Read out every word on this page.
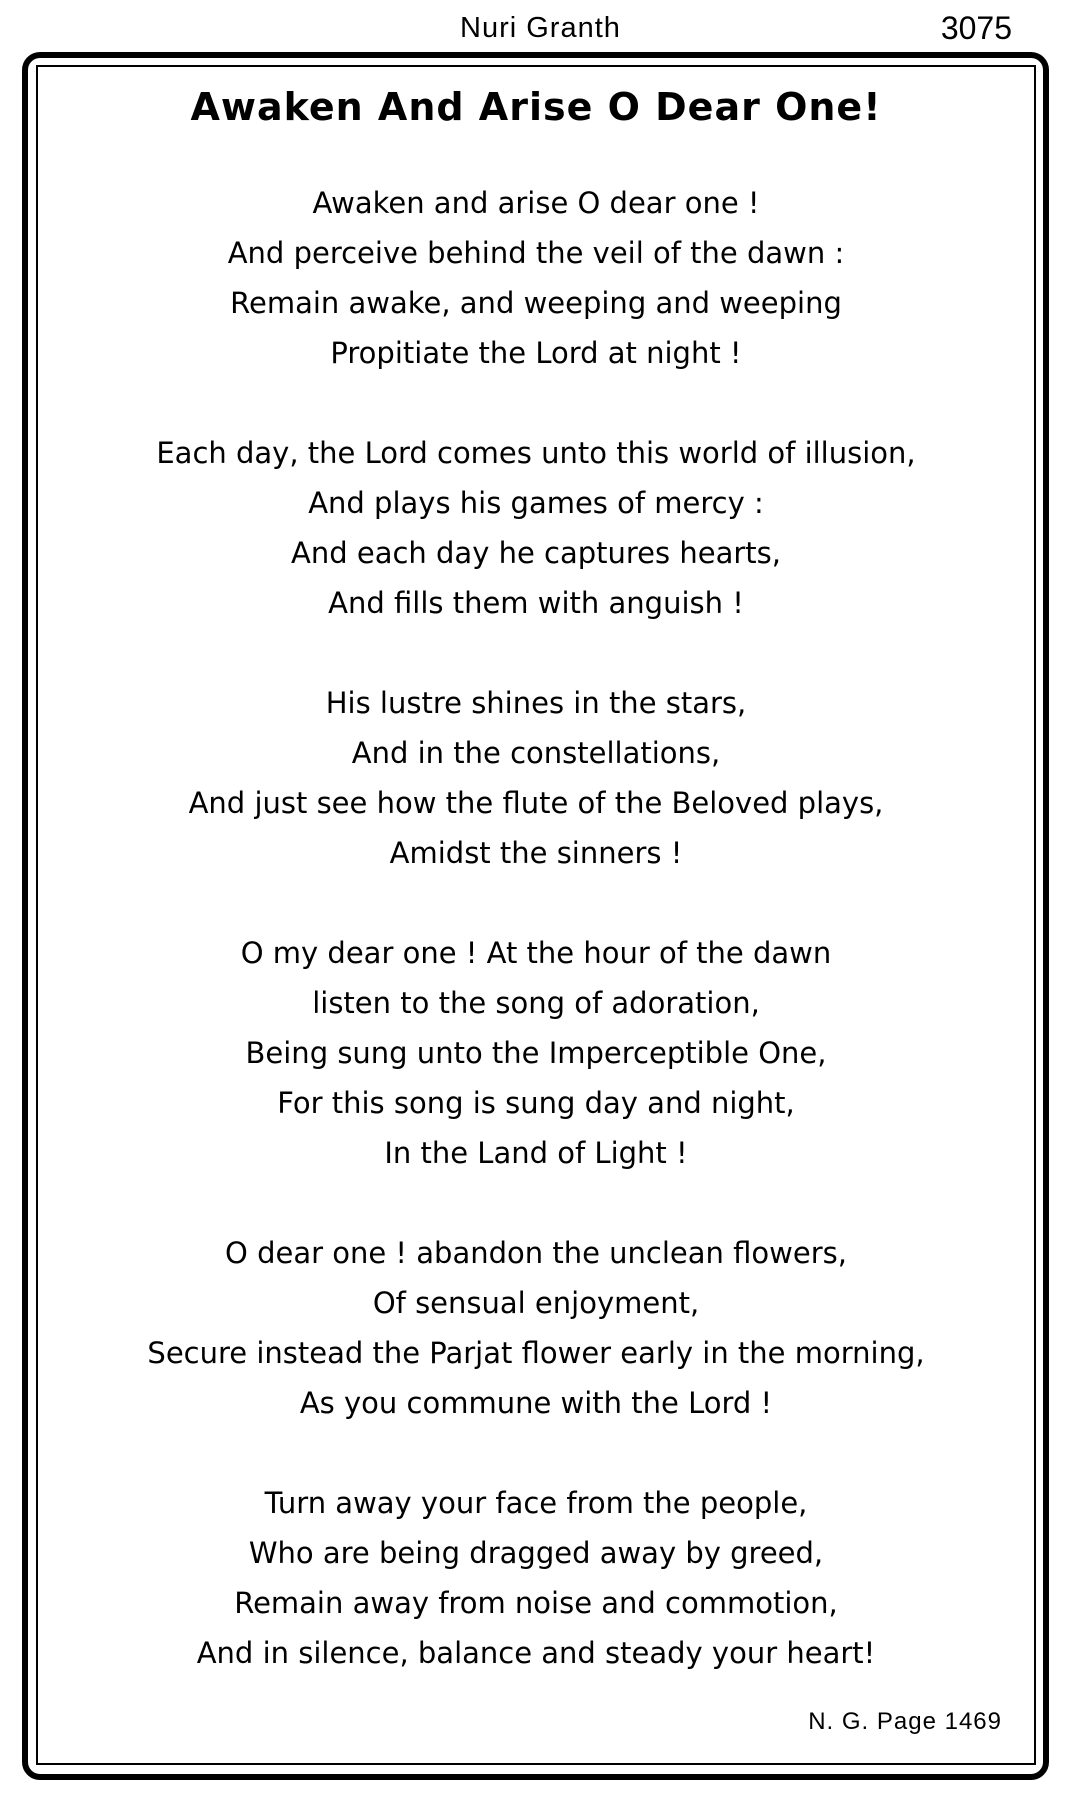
Nuri Granth	3075
Awaken And Arise O Dear One!
Awaken and arise O dear one !
And perceive behind the veil of the dawn :
Remain awake, and weeping and weeping
Propitiate the Lord at night !
Each day, the Lord comes unto this world of illusion,
And plays his games of mercy :
And each day he captures hearts,
And fills them with anguish !
His lustre shines in the stars,
And in the constellations,
And just see how the flute of the Beloved plays,
Amidst the sinners !
O my dear one ! At the hour of the dawn
listen to the song of adoration,
Being sung unto the Imperceptible One,
For this song is sung day and night,
In the Land of Light !
O dear one ! abandon the unclean flowers,
Of sensual enjoyment,
Secure instead the Parjat flower early in the morning,
As you commune with the Lord !
Turn away your face from the people,
Who are being dragged away by greed,
Remain away from noise and commotion,
And in silence, balance and steady your heart!
N. G. Page 1469
